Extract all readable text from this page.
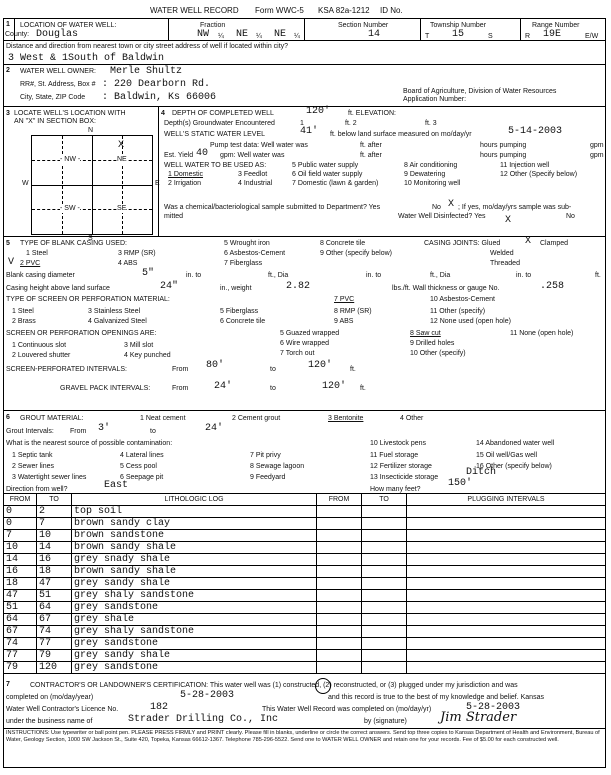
WATER WELL RECORD Form WWC-5 KSA 82a-1212 ID No.
1 LOCATION OF WATER WELL:
County: Douglas
Fraction
NW ¼ NE ¼ NE ¼
Section Number
14
Township Number
T 15	S
Range Number
R 19E	E/W
Distance and direction from nearest town or city street address of well if located within city?
3 West & 1South of Baldwin
2 WATER WELL OWNER: Merle Shultz
RR#, St. Address, Box # : 220 Dearborn Rd.
City, State, ZIP Code : Baldwin, Ks 66006
Board of Agriculture, Division of Water Resources
Application Number:
3 LOCATE WELL'S LOCATION WITH
AN "X" IN SECTION BOX:
- NW -	NE
- SW -	SE
X
N
S
W	E
4 DEPTH OF COMPLETED WELL	120'	ft. ELEVATION:
Depth(s) Groundwater Encountered	1	ft. 2	ft. 3
WELL'S STATIC WATER LEVEL	41' ft. below land surface measured on mo/day/yr	5-14-2003
Pump test data: Well water was	ft. after	hours pumping	gpm
Est. Yield 40 gpm: Well water was	ft. after	hours pumping	gpm
WELL WATER TO BE USED AS:	5 Public water supply	8 Air conditioning	11 Injection well
1 Domestic	3 Feedlot	6 Oil field water supply	9 Dewatering	12 Other (Specify below)
2 Irrigation	4 Industrial	7 Domestic (lawn & garden)	10 Monitoring well
Was a chemical/bacteriological sample submitted to Department? Yes	No X ; If yes, mo/day/yrs sample was sub-
mitted	Water Well Disinfected? Yes X	No
5 TYPE OF BLANK CASING USED:	5 Wrought iron	8 Concrete tile	CASING JOINTS: Glued X Clamped
1 Steel	3 RMP (SR)	6 Asbestos-Cement	9 Other (specify below)	Welded
V 2 PVC	4 ABS	7 Fiberglass	Threaded
Blank casing diameter	5"	in. to	ft., Dia	in. to	ft., Dia	in. to	ft.
Casing height above land surface	24"	in., weight	2.82	lbs./ft. Wall thickness or gauge No.	.258
TYPE OF SCREEN OR PERFORATION MATERIAL:	7 PVC	10 Asbestos-Cement
1 Steel	3 Stainless Steel	5 Fiberglass	8 RMP (SR)	11 Other (specify)
2 Brass	4 Galvanized Steel	6 Concrete tile	9 ABS	12 None used (open hole)
SCREEN OR PERFORATION OPENINGS ARE:	5 Guazed wrapped	8 Saw cut	11 None (open hole)
1 Continuous slot	3 Mill slot	6 Wire wrapped	9 Drilled holes
2 Louvered shutter	4 Key punched	7 Torch out	10 Other (specify)
SCREEN-PERFORATED INTERVALS:	From 80'	to	120'	ft.
GRAVEL PACK INTERVALS:	From	24'	to	120' ft.
6 GROUT MATERIAL:	1 Neat cement	2 Cement grout	3 Bentonite	4 Other
Grout Intervals: From 3'	to	24'
What is the nearest source of possible contamination:
1 Septic tank	4 Lateral lines	7 Pit privy
10 Livestock pens	14 Abandoned water well
2 Sewer lines	5 Cess pool	8 Sewage lagoon
11 Fuel storage	15 Oil well/Gas well
3 Watertight sewer lines	6 Seepage pit	9 Feedyard
12 Fertilizer storage	16 Other (specify below)
13 Insecticide storage	Ditch
Direction from well?	East	How many feet?
150'
FROM	TO	LITHOLOGIC LOG	FROM	TO	PLUGGING INTERVALS
0	2	top soil			
0	7	brown sandy clay			
7	10	brown sandstone			
10	14	brown sandy shale			
14	16	grey snady shale			
16	18	brown sandy shale			
18	47	grey sandy shale			
47	51	grey shaly sandstone			
51	64	grey sandstone			
64	67	grey shale			
67	74	grey shaly sandstone			
74	77	grey sandstone			
77	79	grey sandy shale			
79	120	grey sandstone			
7	CONTRACTOR'S OR LANDOWNER'S CERTIFICATION: This water well was (1) constructed, (2) reconstructed, or (3) plugged under my jurisdiction and was
completed on (mo/day/year)	5-28-2003	and this record is true to the best of my knowledge and belief. Kansas
Water Well Contractor's Licence No.	182	This Water Well Record was completed on (mo/day/yr)	5-28-2003
under the business name of	Strader Drilling Co., Inc	by (signature)	Jim Strader
INSTRUCTIONS: Use typewriter or ball point pen. PLEASE PRESS FIRMLY and PRINT clearly. Please fill in blanks, underline or circle the correct answers. Send top three copies to Kansas Department of Health and Environment, Bureau of Water, Geology Section, 1000 SW Jackson St., Suite 420, Topeka, Kansas 66612-1367. Telephone 785-296-5522. Send one to WATER WELL OWNER and retain one for your records. Fee of $5.00 for each constructed well.
